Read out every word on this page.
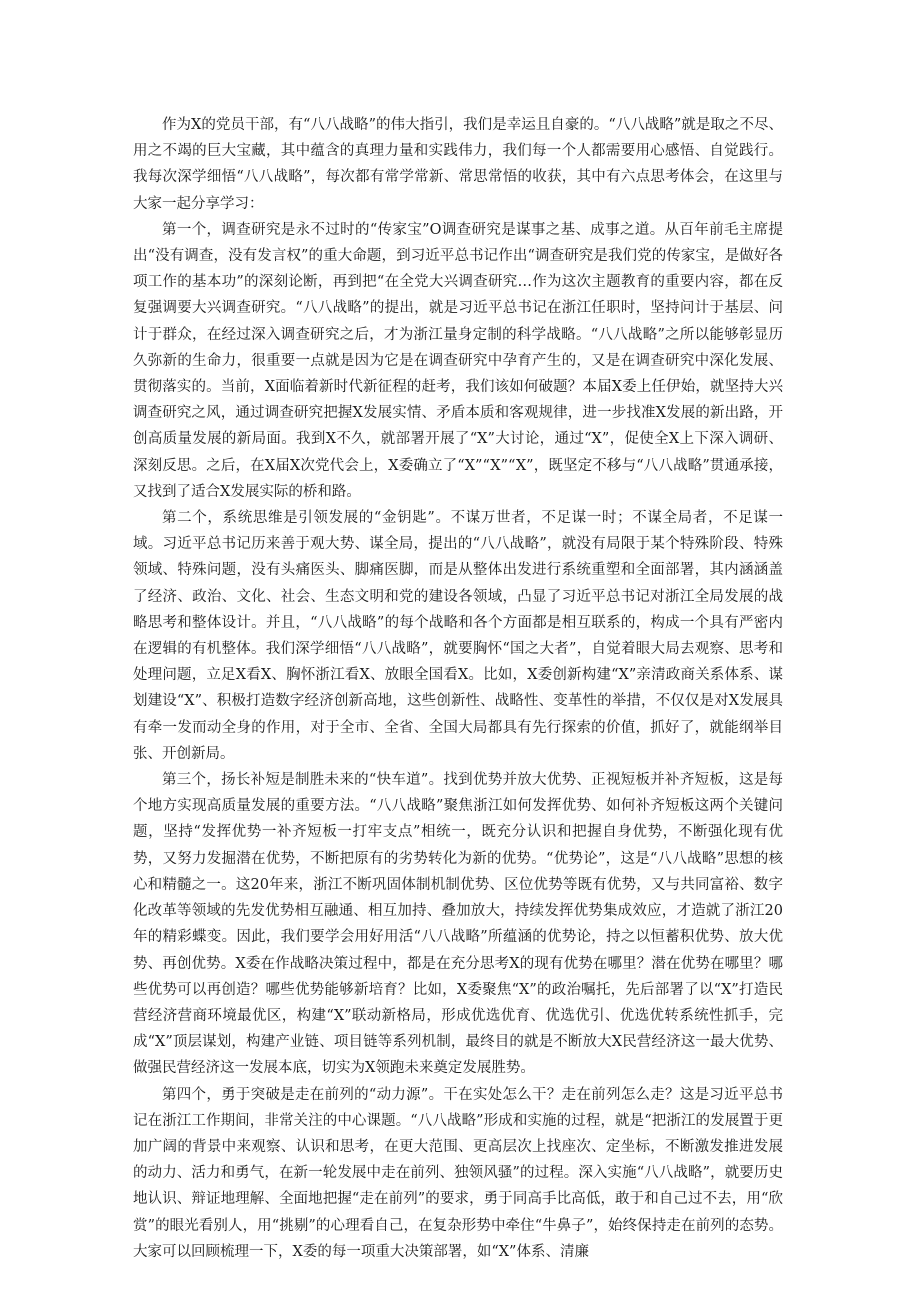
作为X的党员干部，有“八八战略”的伟大指引，我们是幸运且自豪的。“八八战略”就是取之不尽、用之不竭的巨大宝藏，其中蕴含的真理力量和实践伟力，我们每一个人都需要用心感悟、自觉践行。我每次深学细悟“八八战略”，每次都有常学常新、常思常悟的收获，其中有六点思考体会，在这里与大家一起分享学习：

第一个，调查研究是永不过时的“传家宝”O调查研究是谋事之基、成事之道。从百年前毛主席提出“没有调查，没有发言权”的重大命题，到习近平总书记作出“调查研究是我们党的传家宝，是做好各项工作的基本功”的深刻论断，再到把“在全党大兴调查研究…作为这次主题教育的重要内容，都在反复强调要大兴调查研究。“八八战略”的提出，就是习近平总书记在浙江任职时，坚持问计于基层、问计于群众，在经过深入调查研究之后，才为浙江量身定制的科学战略。“八八战略”之所以能够彰显历久弥新的生命力，很重要一点就是因为它是在调查研究中孕育产生的，又是在调查研究中深化发展、贯彻落实的。当前，X面临着新时代新征程的赶考，我们该如何破题？本届X委上任伊始，就坚持大兴调查研究之风，通过调查研究把握X发展实情、矛盾本质和客观规律，进一步找准X发展的新出路，开创高质量发展的新局面。我到X不久，就部署开展了“X”大讨论，通过“X”，促使全X上下深入调研、深刻反思。之后，在X届X次党代会上，X委确立了“X”“X”“X”，既坚定不移与“八八战略”贯通承接，又找到了适合X发展实际的桥和路。

第二个，系统思维是引领发展的“金钥匙”。不谋万世者，不足谋一时；不谋全局者，不足谋一域。习近平总书记历来善于观大势、谋全局，提出的“八八战略”，就没有局限于某个特殊阶段、特殊领域、特殊问题，没有头痛医头、脚痛医脚，而是从整体出发进行系统重塑和全面部署，其内涵涵盖了经济、政治、文化、社会、生态文明和党的建设各领域，凸显了习近平总书记对浙江全局发展的战略思考和整体设计。并且，“八八战略”的每个战略和各个方面都是相互联系的，构成一个具有严密内在逻辑的有机整体。我们深学细悟“八八战略”，就要胸怀“国之大者”，自觉着眼大局去观察、思考和处理问题，立足X看X、胸怀浙江看X、放眼全国看X。比如，X委创新构建“X”亲清政商关系体系、谋划建设“X”、积极打造数字经济创新高地，这些创新性、战略性、变革性的举措，不仅仅是对X发展具有牵一发而动全身的作用，对于全市、全省、全国大局都具有先行探索的价值，抓好了，就能纲举目张、开创新局。

第三个，扬长补短是制胜未来的“快车道”。找到优势并放大优势、正视短板并补齐短板，这是每个地方实现高质量发展的重要方法。“八八战略”聚焦浙江如何发挥优势、如何补齐短板这两个关键问题，坚持“发挥优势一补齐短板一打牢支点”相统一，既充分认识和把握自身优势，不断强化现有优势，又努力发掘潜在优势，不断把原有的劣势转化为新的优势。“优势论”，这是“八八战略”思想的核心和精髓之一。这20年来，浙江不断巩固体制机制优势、区位优势等既有优势，又与共同富裕、数字化改革等领域的先发优势相互融通、相互加持、叠加放大，持续发挥优势集成效应，才造就了浙江20年的精彩蝶变。因此，我们要学会用好用活“八八战略”所蕴涵的优势论，持之以恒蓄积优势、放大优势、再创优势。X委在作战略决策过程中，都是在充分思考X的现有优势在哪里？潜在优势在哪里？哪些优势可以再创造？哪些优势能够新培育？比如，X委聚焦“X”的政治嘱托，先后部署了以“X”打造民营经济营商环境最优区，构建“X”联动新格局，形成优选优育、优选优引、优选优转系统性抓手，完成“X”顶层谋划，构建产业链、项目链等系列机制，最终目的就是不断放大X民营经济这一最大优势、做强民营经济这一发展本底，切实为X领跑未来奠定发展胜势。

第四个，勇于突破是走在前列的“动力源”。干在实处怎么干？走在前列怎么走？这是习近平总书记在浙江工作期间，非常关注的中心课题。“八八战略”形成和实施的过程，就是“把浙江的发展置于更加广阔的背景中来观察、认识和思考，在更大范围、更高层次上找座次、定坐标，不断激发推进发展的动力、活力和勇气，在新一轮发展中走在前列、独领风骚”的过程。深入实施“八八战略”，就要历史地认识、辩证地理解、全面地把握“走在前列”的要求，勇于同高手比高低，敢于和自己过不去，用“欣赏”的眼光看别人，用“挑剔”的心理看自己，在复杂形势中牵住“牛鼻子”，始终保持走在前列的态势。大家可以回顾梳理一下，X委的每一项重大决策部署，如“X”体系、清廉
